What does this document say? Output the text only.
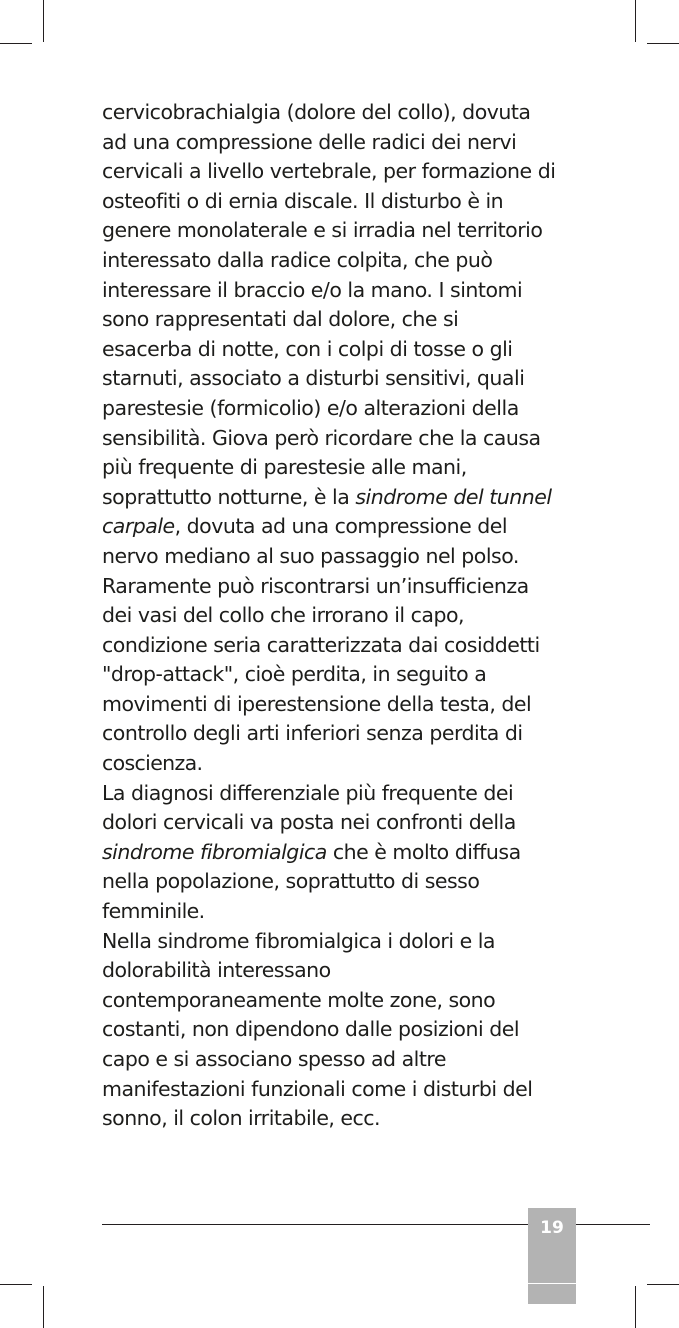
cervicobrachialgia (dolore del collo), dovuta
ad una compressione delle radici dei nervi
cervicali a livello vertebrale, per formazione di
osteofiti o di ernia discale. Il disturbo è in
genere monolaterale e si irradia nel territorio
interessato dalla radice colpita, che può
interessare il braccio e/o la mano. I sintomi
sono rappresentati dal dolore, che si
esacerba di notte, con i colpi di tosse o gli
starnuti, associato a disturbi sensitivi, quali
parestesie (formicolio) e/o alterazioni della
sensibilità. Giova però ricordare che la causa
più frequente di parestesie alle mani,
soprattutto notturne, è la sindrome del tunnel
carpale, dovuta ad una compressione del
nervo mediano al suo passaggio nel polso.
Raramente può riscontrarsi un’insufficienza
dei vasi del collo che irrorano il capo,
condizione seria caratterizzata dai cosiddetti
"drop-attack", cioè perdita, in seguito a
movimenti di iperestensione della testa, del
controllo degli arti inferiori senza perdita di
coscienza.
La diagnosi differenziale più frequente dei
dolori cervicali va posta nei confronti della
sindrome fibromialgica che è molto diffusa
nella popolazione, soprattutto di sesso
femminile.
Nella sindrome fibromialgica i dolori e la
dolorabilità interessano
contemporaneamente molte zone, sono
costanti, non dipendono dalle posizioni del
capo e si associano spesso ad altre
manifestazioni funzionali come i disturbi del
sonno, il colon irritabile, ecc.
19
